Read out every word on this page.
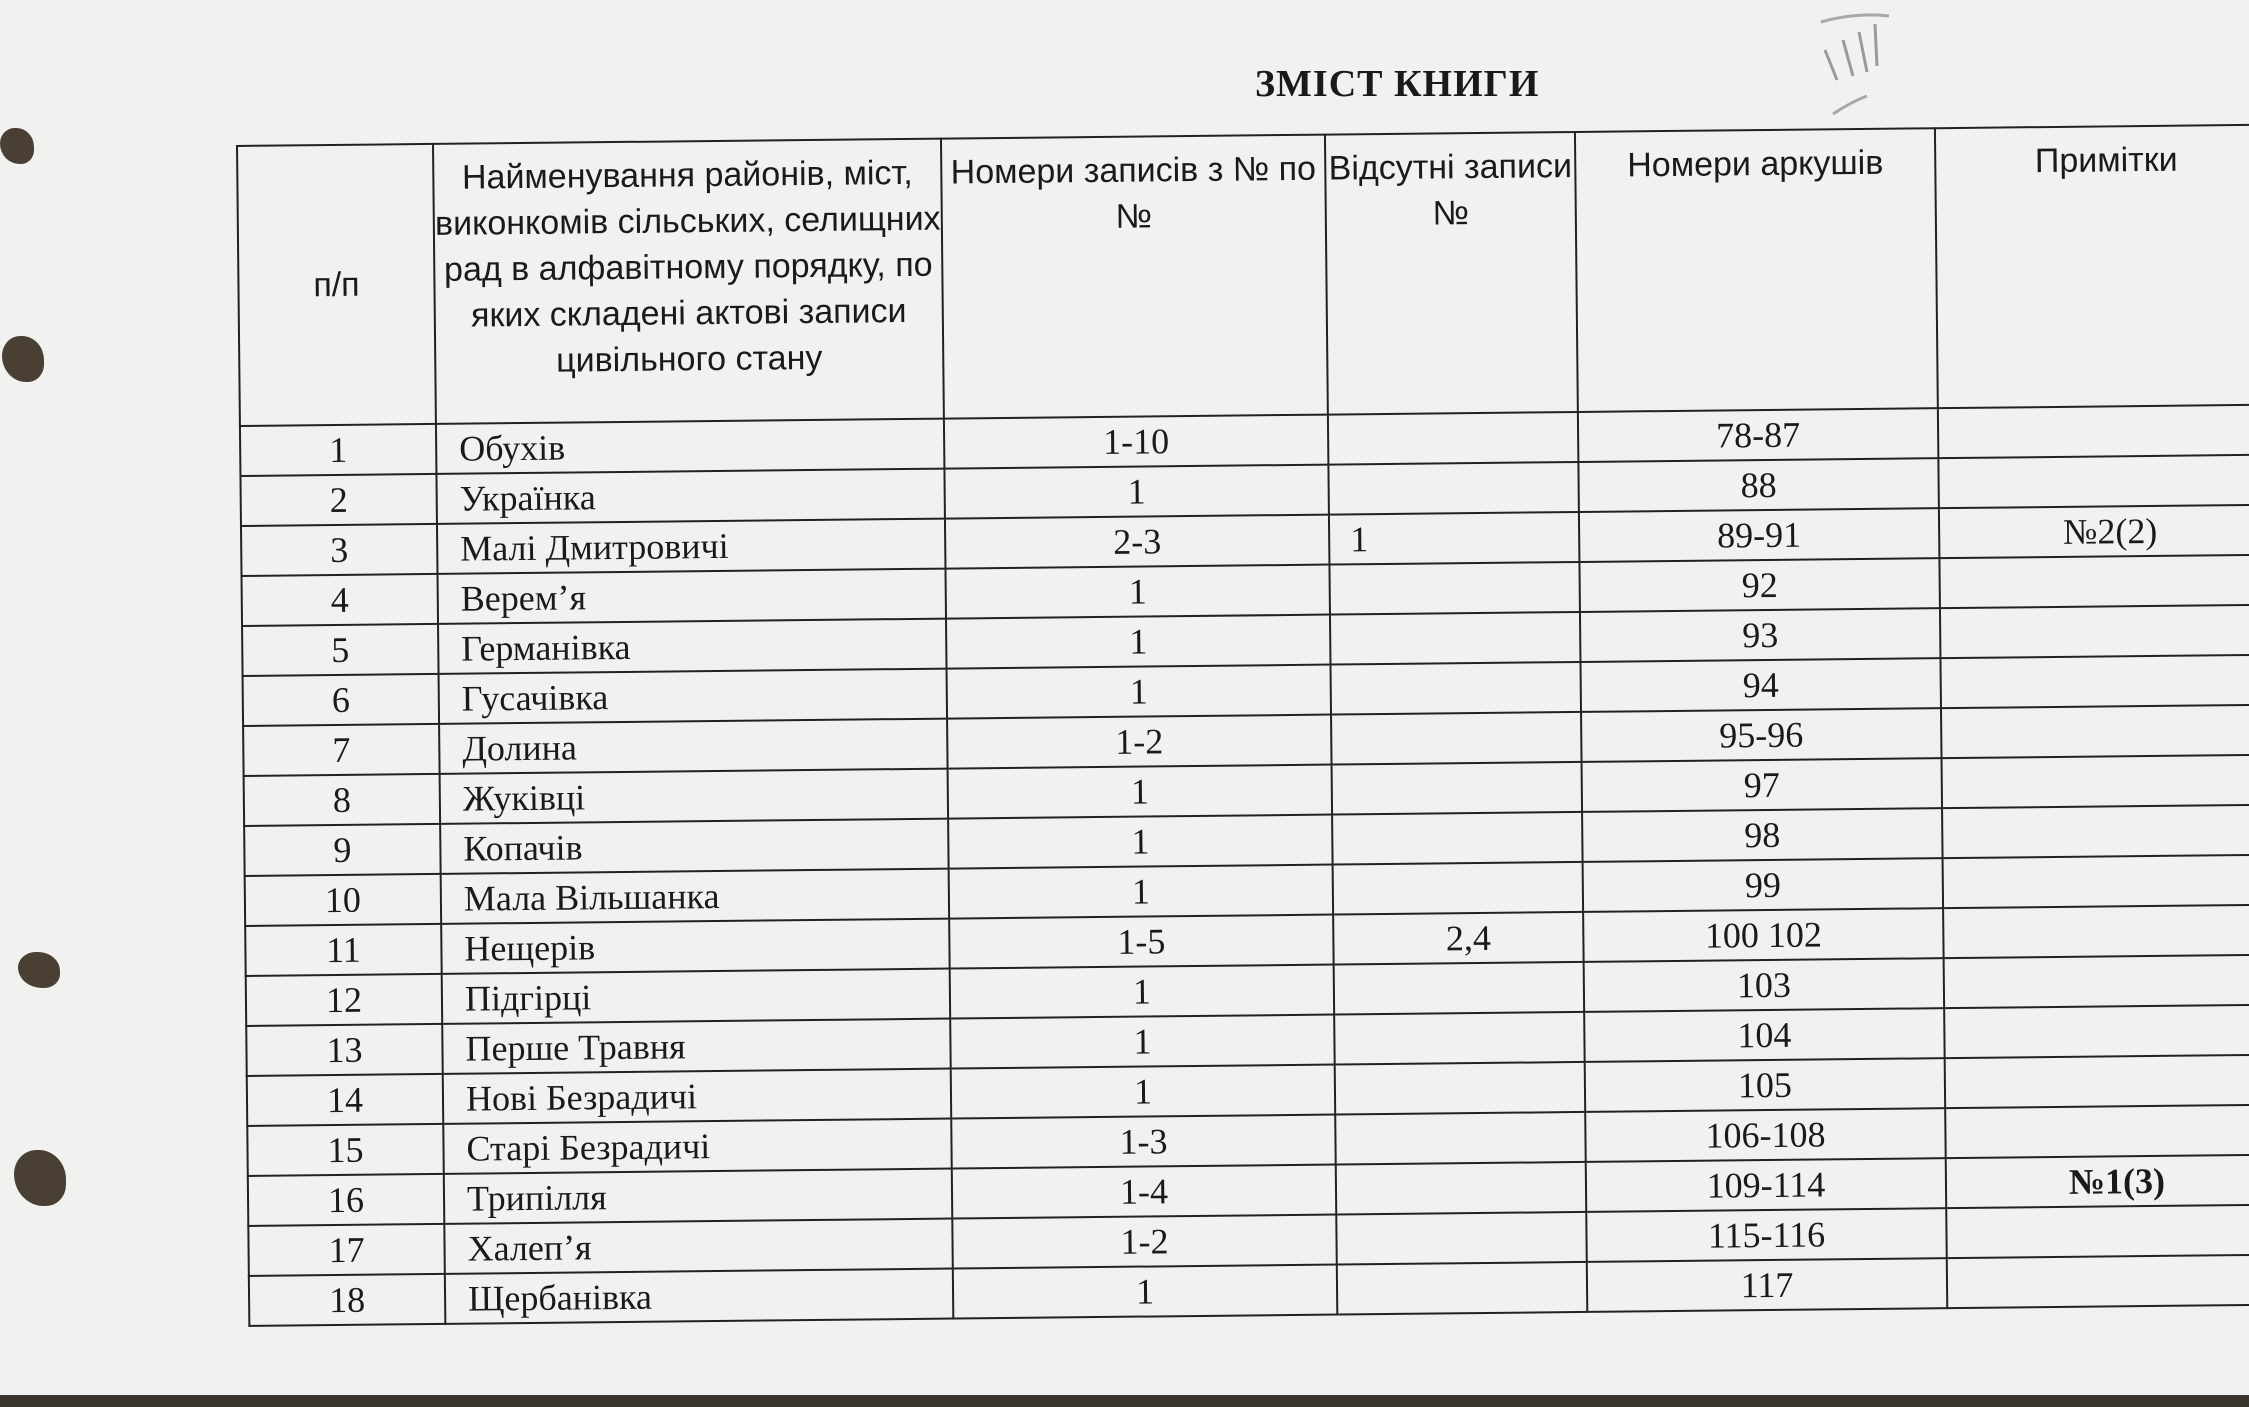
ЗМІСТ КНИГИ
п/п	Найменування районів, міст, виконкомів сільських, селищних рад в алфавітному порядку, по яких складені актові записи цивільного стану	Номери записів з № по №	Відсутні записи №	Номери аркушів	Примітки
1	Обухів	1-10		78-87	
2	Українка	1		88	
3	Малі Дмитровичі	2-3	1	89-91	№2(2)
4	Верем’я	1		92	
5	Германівка	1		93	
6	Гусачівка	1		94	
7	Долина	1-2		95-96	
8	Жуківці	1		97	
9	Копачів	1		98	
10	Мала Вільшанка	1		99	
11	Нещерів	1-5	2,4	100 102	
12	Підгірці	1		103	
13	Перше Травня	1		104	
14	Нові Безрадичі	1		105	
15	Старі Безрадичі	1-3		106-108	
16	Трипілля	1-4		109-114	№1(3)
17	Халеп’я	1-2		115-116	
18	Щербанівка	1		117	
